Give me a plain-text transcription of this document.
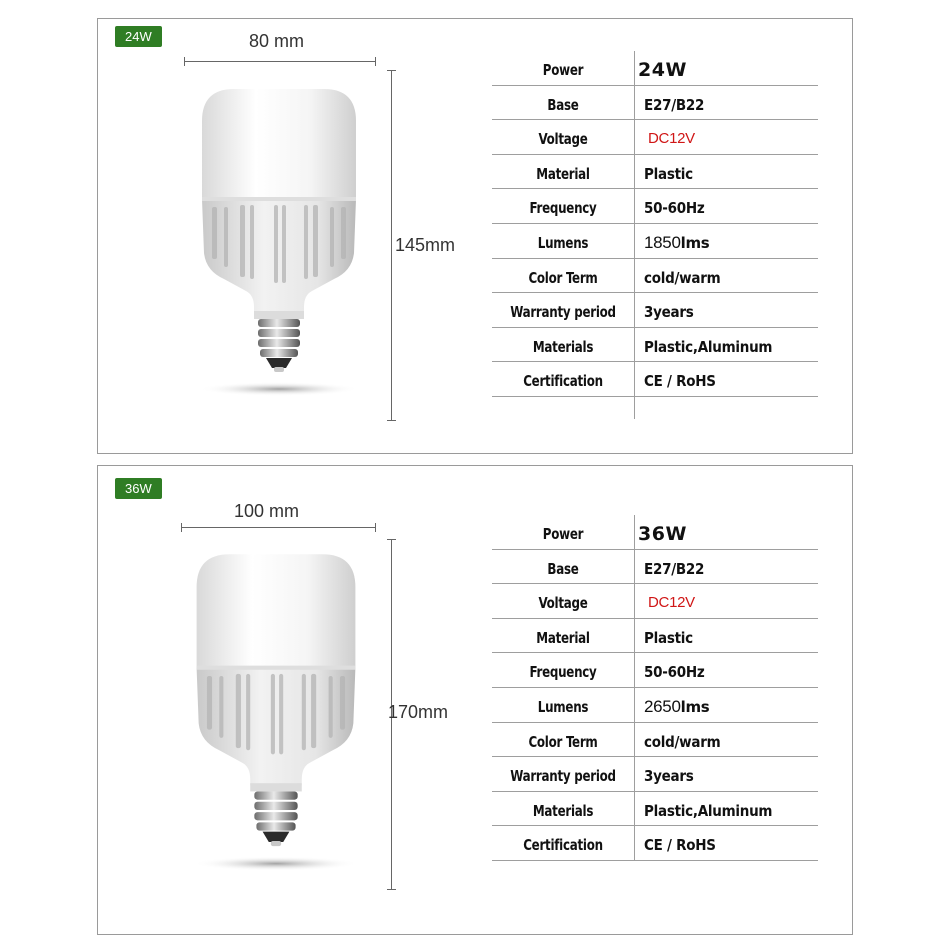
24W	80 mm
145mm
Power	24W
Base	E27/B22
Voltage	DC12V
Material	Plastic
Frequency	50-60Hz
Lumens	1850lms
Color Term	cold/warm
Warranty period	3years
Materials	Plastic,Aluminum
Certification	CE / RoHS
36W
100 mm
170mm
Power	36W
Base	E27/B22
Voltage	DC12V
Material	Plastic
Frequency	50-60Hz
Lumens	2650lms
Color Term	cold/warm
Warranty period	3years
Materials	Plastic,Aluminum
Certification	CE / RoHS
